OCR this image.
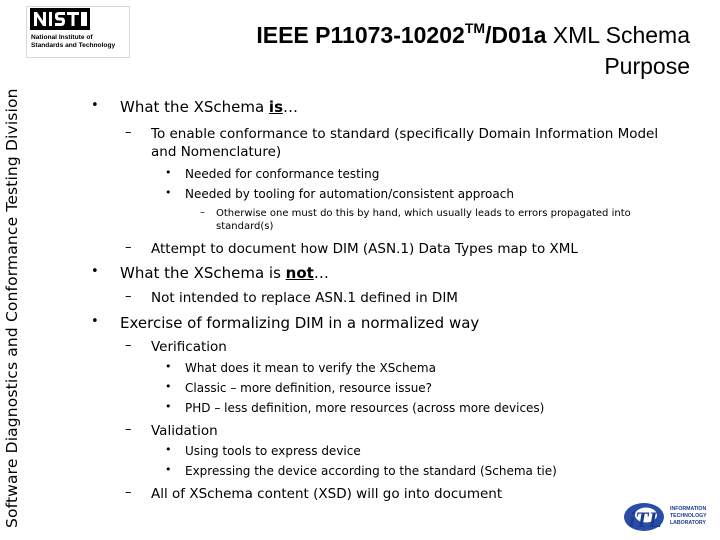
Software Diagnostics and Conformance Testing Division
National Institute of
Standards and Technology	IEEE P11073-10202™/D01a XML Schema
Purpose
• What the XSchema is…
– To enable conformance to standard (specifically Domain Information Model
and Nomenclature)
• Needed for conformance testing
• Needed by tooling for automation/consistent approach
– Otherwise one must do this by hand, which usually leads to errors propagated into
standard(s)
– Attempt to document how DIM (ASN.1) Data Types map to XML
• What the XSchema is not…
– Not intended to replace ASN.1 defined in DIM
• Exercise of formalizing DIM in a normalized way
– Verification
• What does it mean to verify the XSchema
• Classic – more definition, resource issue?
• PHD – less definition, more resources (across more devices)
– Validation
• Using tools to express device
• Expressing the device according to the standard (Schema tie)
– All of XSchema content (XSD) will go into document
iTL INFORMATION
TECHNOLOGY
LABORATORY
